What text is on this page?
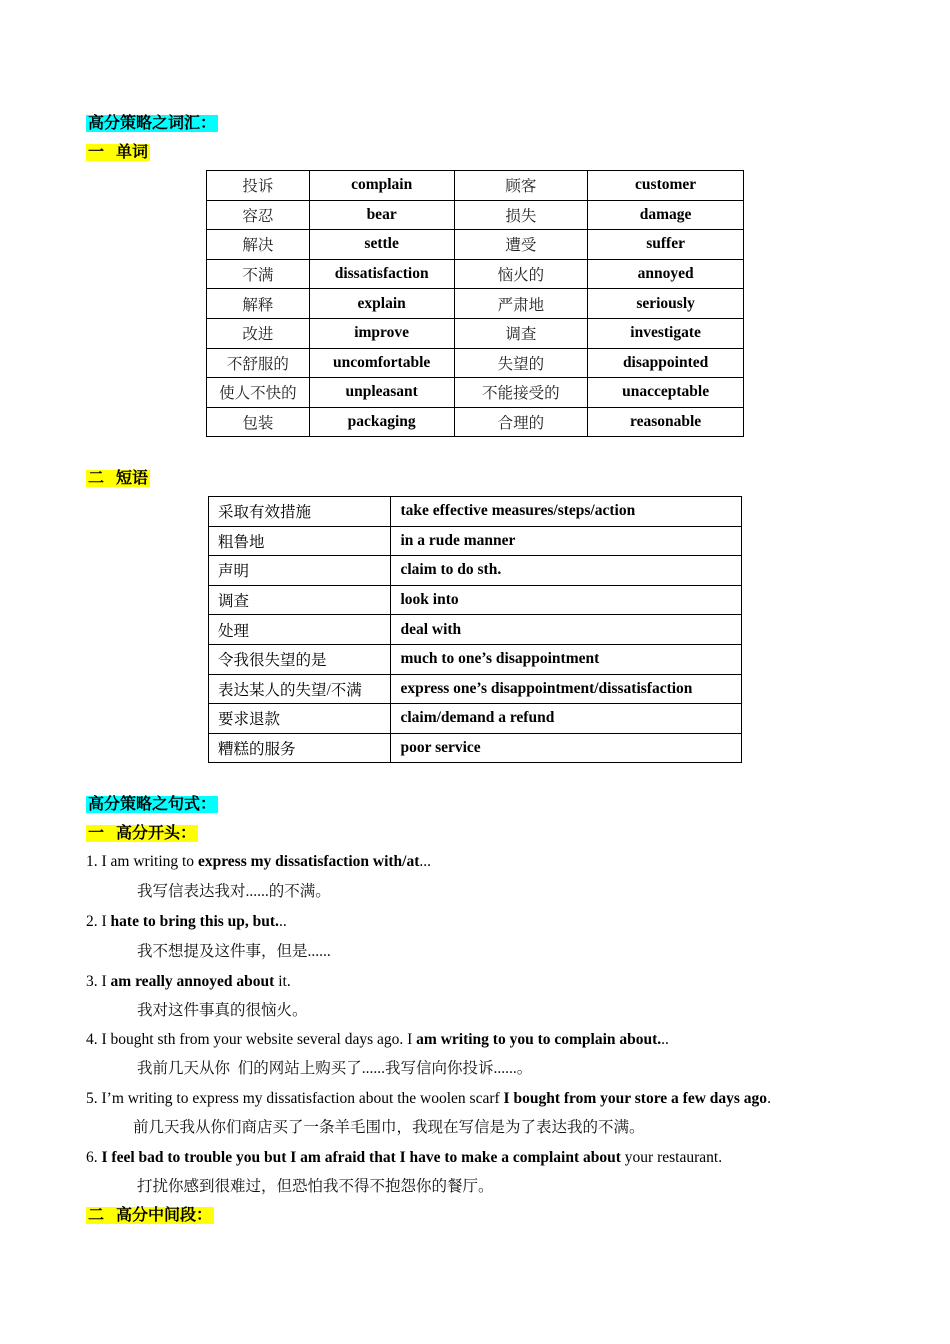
高分策略之词汇：
一   单词
投诉	complain	顾客	customer
容忍	bear	损失	damage
解决	settle	遭受	suffer
不满	dissatisfaction	恼火的	annoyed
解释	explain	严肃地	seriously
改进	improve	调查	investigate
不舒服的	uncomfortable	失望的	disappointed
使人不快的	unpleasant	不能接受的	unacceptable
包装	packaging	合理的	reasonable
二   短语
采取有效措施	take effective measures/steps/action
粗鲁地	in a rude manner
声明	claim to do sth.
调查	look into
处理	deal with
令我很失望的是	much to one’s disappointment
表达某人的失望/不满	express one’s disappointment/dissatisfaction
要求退款	claim/demand a refund
糟糕的服务	poor service
高分策略之句式：
一   高分开头：
1. I am writing to express my dissatisfaction with/at...
我写信表达我对......的不满。
2. I hate to bring this up, but...
我不想提及这件事，但是......
3. I am really annoyed about it.
我对这件事真的很恼火。
4. I bought sth from your website several days ago. I am writing to you to complain about...
我前几天从你  们的网站上购买了......我写信向你投诉......。
5. I’m writing to express my dissatisfaction about the woolen scarf I bought from your store a few days ago.
前几天我从你们商店买了一条羊毛围巾，我现在写信是为了表达我的不满。
6. I feel bad to trouble you but I am afraid that I have to make a complaint about your restaurant.
打扰你感到很难过，但恐怕我不得不抱怨你的餐厅。
二   高分中间段：
